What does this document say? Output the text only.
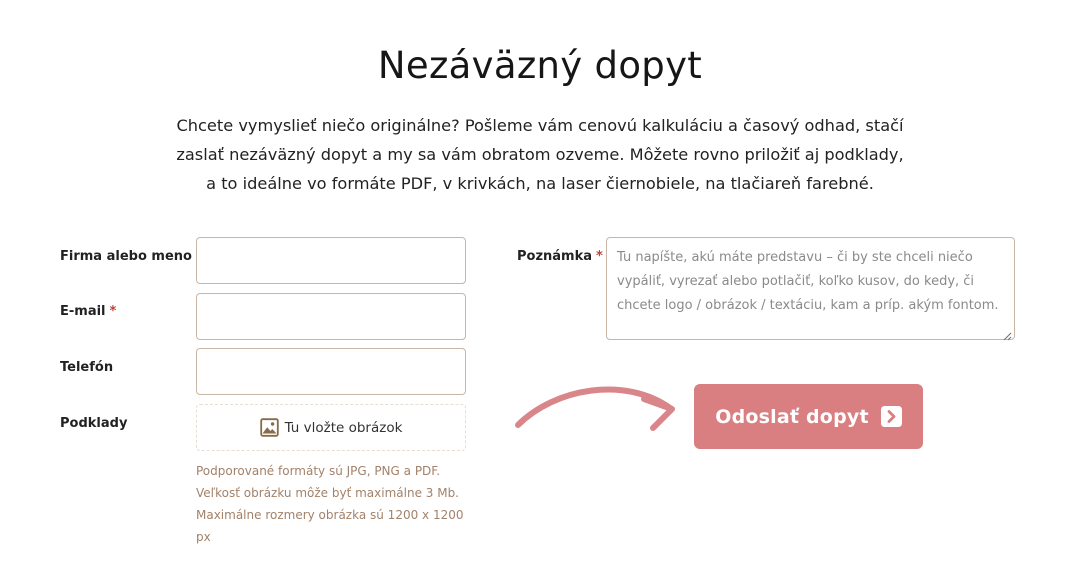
Nezáväzný dopyt

Chcete vymyslieť niečo originálne? Pošleme vám cenovú kalkuláciu a časový odhad, stačí zaslať nezáväzný dopyt a my sa vám obratom ozveme. Môžete rovno priložiť aj podklady, a to ideálne vo formáte PDF, v krivkách, na laser čiernobiele, na tlačiareň farebné.

Firma alebo meno
E-mail *
Telefón
Podklady	Tu vložte obrázok
Podporované formáty sú JPG, PNG a PDF. Veľkosť obrázku môže byť maximálne 3 Mb. Maximálne rozmery obrázka sú 1200 x 1200 px
Poznámka *
Tu napíšte, akú máte predstavu – či by ste chceli niečo vypáliť, vyrezať alebo potlačiť, koľko kusov, do kedy, či chcete logo / obrázok / textáciu, kam a príp. akým fontom.
Odoslať dopyt
